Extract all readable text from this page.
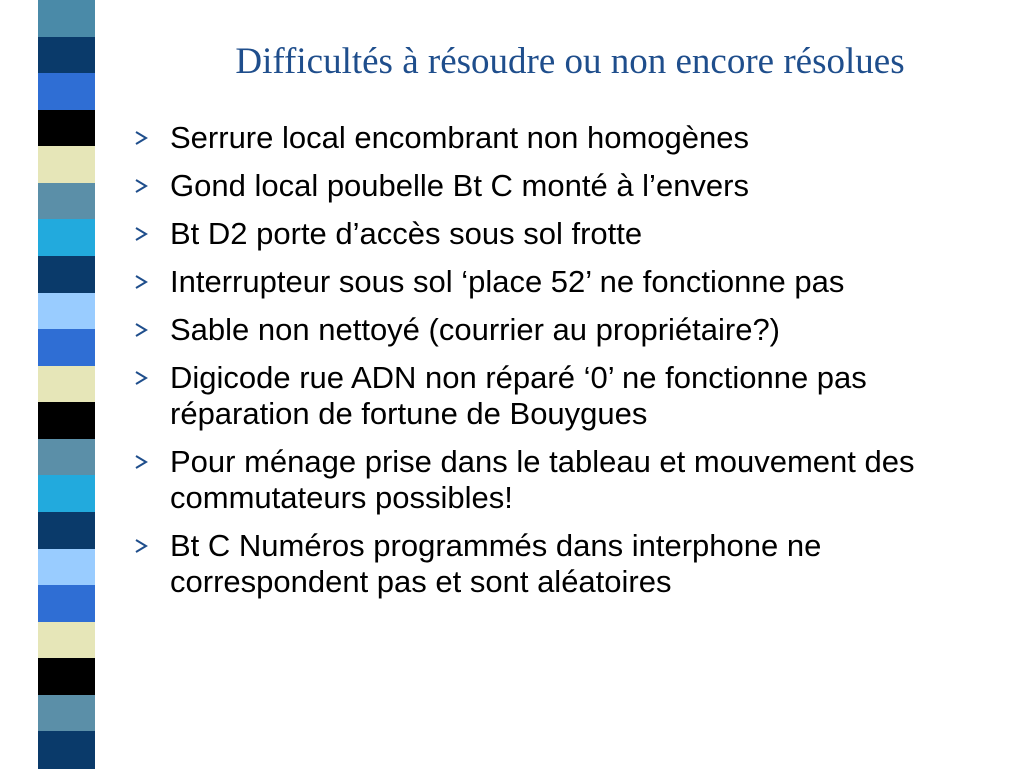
Difficultés à résoudre ou non encore résolues
Serrure local encombrant non homogènes
Gond local poubelle Bt C monté à l’envers
Bt D2 porte d’accès sous sol frotte
Interrupteur sous sol ‘place 52’ ne fonctionne pas
Sable non nettoyé (courrier au propriétaire?)
Digicode rue ADN non réparé ‘0’ ne fonctionne pas réparation de fortune de Bouygues
Pour ménage prise dans le tableau et mouvement des commutateurs possibles!
Bt C Numéros programmés dans interphone ne correspondent pas et sont aléatoires
